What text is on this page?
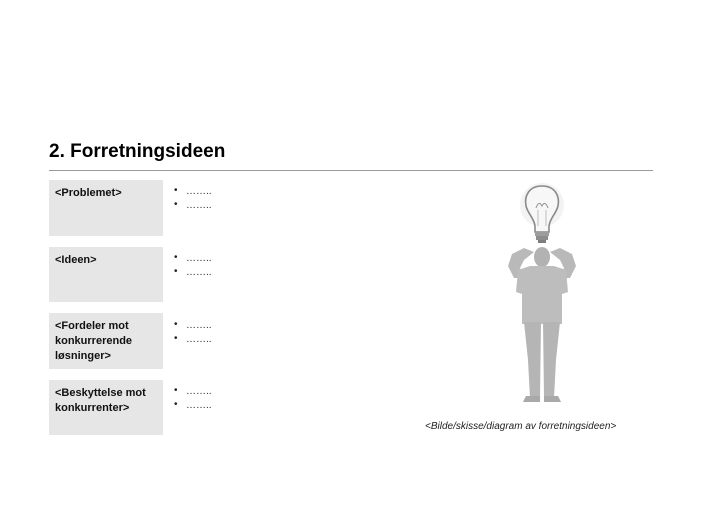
2. Forretningsideen
<Problemet>	• ……..
• ……..
<Ideen>	• ……..
• ……..
<Fordeler mot konkurrerende løsninger>
• ……..
• ……..
<Beskyttelse mot konkurrenter>
• ……..
• ……..
<Bilde/skisse/diagram av forretningsideen>
